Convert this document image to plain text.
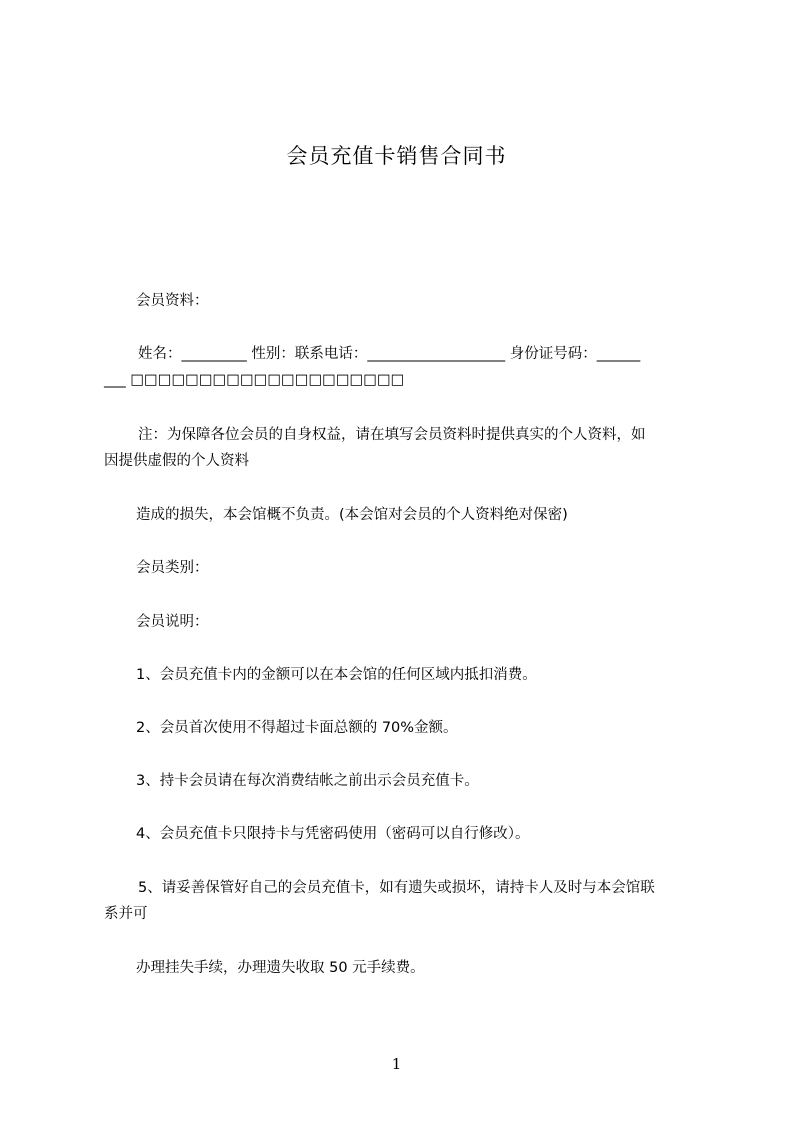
会员充值卡销售合同书

会员资料：

姓名：_________ 性别：联系电话：___________________ 身份证号码：______

___ □□□□□□□□□□□□□□□□□□□□

注：为保障各位会员的自身权益，请在填写会员资料时提供真实的个人资料，如

因提供虚假的个人资料

造成的损失，本会馆概不负责。(本会馆对会员的个人资料绝对保密)

会员类别：

会员说明：

1、会员充值卡内的金额可以在本会馆的任何区域内抵扣消费。

2、会员首次使用不得超过卡面总额的 70%金额。

3、持卡会员请在每次消费结帐之前出示会员充值卡。

4、会员充值卡只限持卡与凭密码使用（密码可以自行修改）。

5、请妥善保管好自己的会员充值卡，如有遗失或损坏，请持卡人及时与本会馆联

系并可

办理挂失手续，办理遗失收取 50 元手续费。

1
